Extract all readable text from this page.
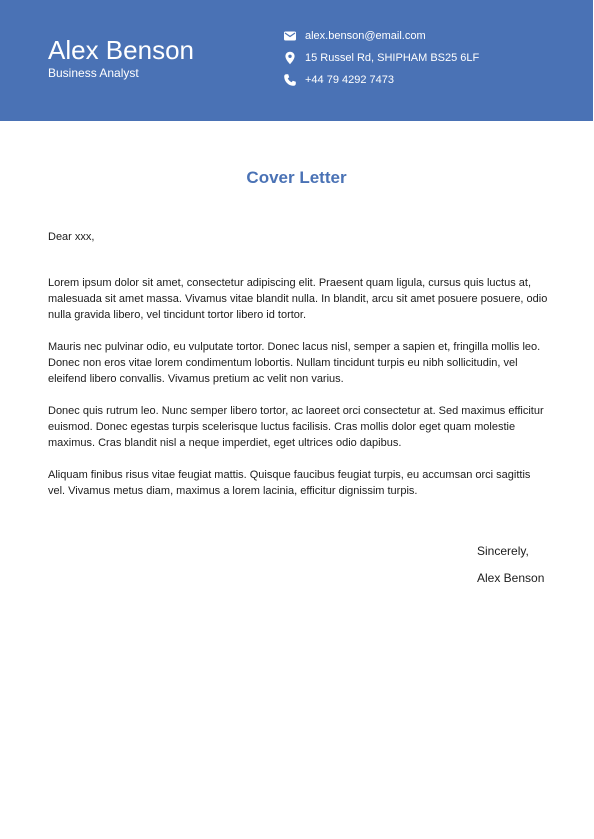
Alex Benson
Business Analyst
alex.benson@email.com
15 Russel Rd, SHIPHAM BS25 6LF
+44 79 4292 7473
Cover Letter
Dear xxx,

Lorem ipsum dolor sit amet, consectetur adipiscing elit. Praesent quam ligula, cursus quis luctus at, malesuada sit amet massa. Vivamus vitae blandit nulla. In blandit, arcu sit amet posuere posuere, odio nulla gravida libero, vel tincidunt tortor libero id tortor.

Mauris nec pulvinar odio, eu vulputate tortor. Donec lacus nisl, semper a sapien et, fringilla mollis leo. Donec non eros vitae lorem condimentum lobortis. Nullam tincidunt turpis eu nibh sollicitudin, vel eleifend libero convallis. Vivamus pretium ac velit non varius.

Donec quis rutrum leo. Nunc semper libero tortor, ac laoreet orci consectetur at. Sed maximus efficitur euismod. Donec egestas turpis scelerisque luctus facilisis. Cras mollis dolor eget quam molestie maximus. Cras blandit nisl a neque imperdiet, eget ultrices odio dapibus.

Aliquam finibus risus vitae feugiat mattis. Quisque faucibus feugiat turpis, eu accumsan orci sagittis vel. Vivamus metus diam, maximus a lorem lacinia, efficitur dignissim turpis.

Sincerely,
Alex Benson
